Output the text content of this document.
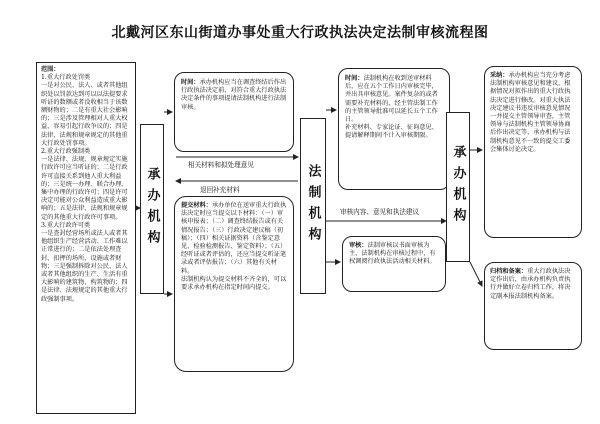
北戴河区东山街道办事处重大行政执法决定法制审核流程图
范围：
1.重大行政处罚类
一是对公民、法人、或者其他组织处以罚款达到可以以法提要求听证的数额或者没收相当于该数额财物的；二是有重大社会影响的；三是涉及管理相对人重大权益，容易引起行政争议的；四是法律、法规和规章规定的其他重大行政处罚事项。
2.重大行政强制类
一是法律、法规、规章规定实施行政许可应当听证的；二是行政许可直接关系到他人重大利益的；三是统一办理、联合办理、集中办理的行政许可；四是许可决定可能对公众利益造成重大影响的；五是法律、法规和规章规定的其他重大行政许可事项。
3.重大行政许可类
一是查封经营场所或法人或者其他组织生产经营活动、工作难以正常进行的；二是依法处理查封、扣押的场所、设施或者财物；三是强制拆除对公民、法人或者其他组织的生产、生活有重大影响的建筑物、构筑物的；四是法律、法规规定的其他重大行政强制事项。
承办机构
时间：承办机构应当在调查终结后作出行政执法决定前，对符合重大行政执法决定条件的事项提请法制机构进行法制审核。
相关材料和拟处理意见
退回补充材料
提交材料：承办单位在送审重大行政执法决定时应当提交以下材料：（一）审核申报表；（二）调查终结报告或有关情况报告；（三）行政决定建议稿（初稿）；（四）相关证据资料（含鉴定意见、检验检测报告、鉴定资料）；（五）经听证或者评估的，还应当提交听证笔录或者评估报告；（六）其他有关材料。
法制机构认为提交材料不齐全的，可以要求承办机构在指定时间内提交。
法制机构
时间：法制机构在收到送审材料后，应在五个工作日内审核完毕，并出具审核意见。案件复杂的或者需要补充材料的，经主管法制工作的主管领导批准可以延长五个工作日。
补充材料、专家论证、征询意见、提请解释期间不计入审核期限。
审核内容、意见和执法建议
审核：法制审核以书面审核为主，法制机构在审核过程中，有权调阅行政执法活动相关材料。
承办机构
采纳：承办机构应当充分考虑法制机构审核意见和建议，根据情况对拟作出的重大行政执法决定进行修改。对重大执法决定建议书违反审核意见情况一并提交主管领导审查，主管领导与法制机构主管领导协商后作出决定等，承办机构与法制机构意见不一致的提交工委会集体讨论决定。
归档和备案：重大行政执法决定作出后，由承办机构负责执行并做好立卷归档工作，将决定副本报法制机构备案。
